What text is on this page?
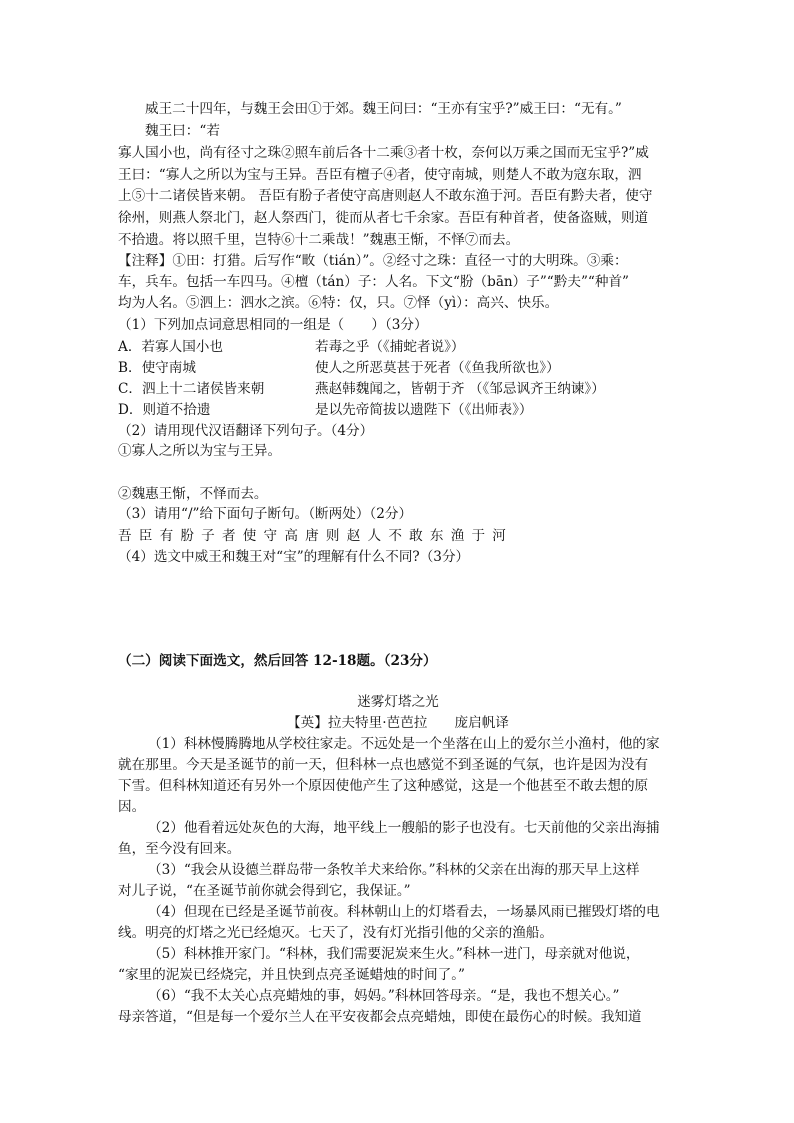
威王二十四年，与魏王会田①于郊。魏王问曰：“王亦有宝乎?”威王曰：“无有。”
魏王曰：“若
寡人国小也，尚有径寸之珠②照车前后各十二乘③者十枚，奈何以万乘之国而无宝乎?”威
王曰：“寡人之所以为宝与王异。吾臣有檀子④者，使守南城，则楚人不敢为寇东取，泗
上⑤十二诸侯皆来朝。 吾臣有肦子者使守高唐则赵人不敢东渔于河。吾臣有黔夫者，使守
徐州，则燕人祭北门，赵人祭西门，徙而从者七千余家。吾臣有种首者，使备盗贼，则道
不拾遗。将以照千里，岂特⑥十二乘哉！”魏惠王惭，不怿⑦而去。
【注释】①田：打猎。后写作“畋（tián）”。②经寸之珠：直径一寸的大明珠。③乘：
车，兵车。包括一车四马。④檀（tán）子：人名。下文“肦（bān）子”“黔夫”“种首”
均为人名。⑤泗上：泗水之滨。⑥特：仅，只。⑦怿（yì）：高兴、快乐。
（1）下列加点词意思相同的一组是（　　）（3分）
A．若寡人国小也	若毒之乎（《捕蛇者说》）
B．使守南城	使人之所恶莫甚于死者（《鱼我所欲也》）
C．泗上十二诸侯皆来朝	燕赵韩魏闻之，皆朝于齐 （《邹忌讽齐王纳谏》）
D．则道不拾遗	是以先帝简拔以遗陛下（《出师表》）
（2）请用现代汉语翻译下列句子。（4分）
①寡人之所以为宝与王异。
②魏惠王惭，不怿而去。
（3）请用“/”给下面句子断句。（断两处）（2分）
吾臣有肦子者使守高唐则赵人不敢东渔于河
（4）选文中威王和魏王对“宝”的理解有什么不同?（3分）
（二）阅读下面选文，然后回答 12-18题。（23分）
迷雾灯塔之光
【英】拉夫特里·芭芭拉　　庞启帆译
（1）科林慢腾腾地从学校往家走。不远处是一个坐落在山上的爱尔兰小渔村，他的家
就在那里。今天是圣诞节的前一天，但科林一点也感觉不到圣诞的气氛，也许是因为没有
下雪。但科林知道还有另外一个原因使他产生了这种感觉，这是一个他甚至不敢去想的原
因。
（2）他看着远处灰色的大海，地平线上一艘船的影子也没有。七天前他的父亲出海捕
鱼，至今没有回来。
（3）“我会从设德兰群岛带一条牧羊犬来给你。”科林的父亲在出海的那天早上这样
对儿子说，“在圣诞节前你就会得到它，我保证。”
（4）但现在已经是圣诞节前夜。科林朝山上的灯塔看去，一场暴风雨已摧毁灯塔的电
线。明亮的灯塔之光已经熄灭。七天了，没有灯光指引他的父亲的渔船。
（5）科林推开家门。“科林，我们需要泥炭来生火。”科林一进门，母亲就对他说，
“家里的泥炭已经烧完，并且快到点亮圣诞蜡烛的时间了。”
（6）“我不太关心点亮蜡烛的事，妈妈。”科林回答母亲。“是，我也不想关心。”
母亲答道，“但是每一个爱尔兰人在平安夜都会点亮蜡烛，即使在最伤心的时候。我知道
